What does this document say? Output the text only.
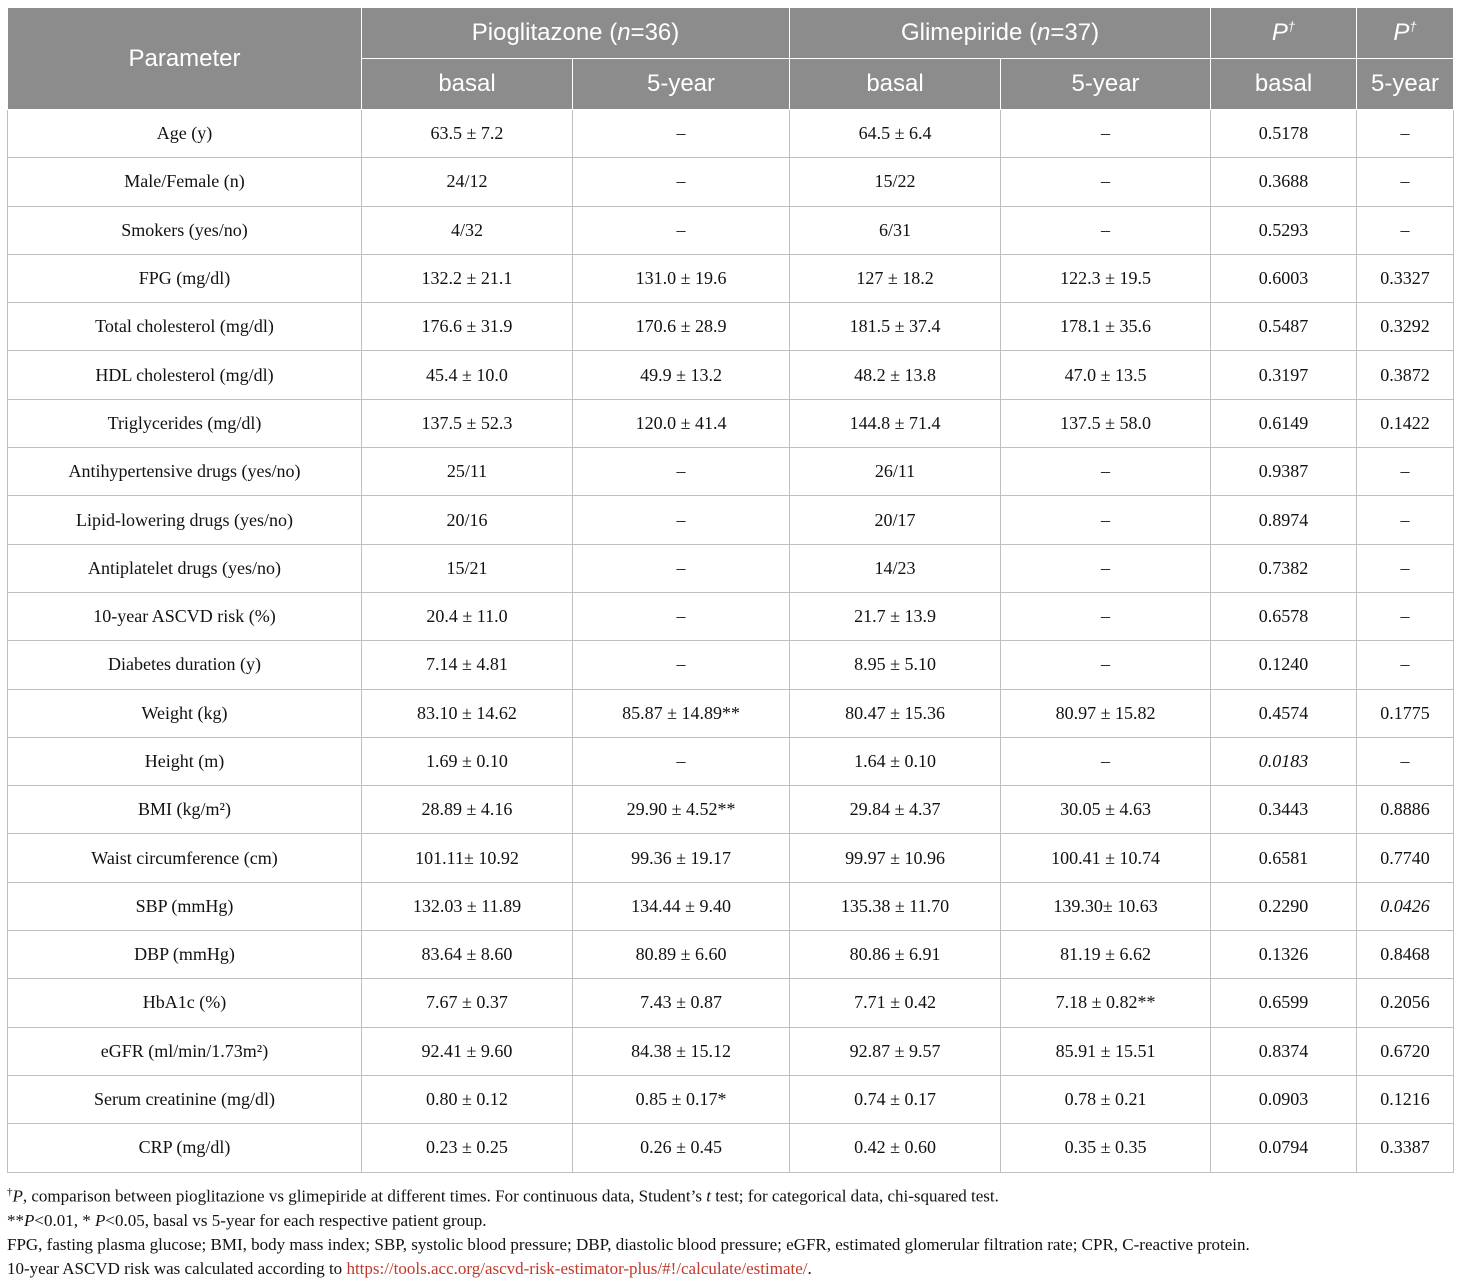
Parameter	Pioglitazone (n=36)		Glimepiride (n=37)		P†	P†
	basal	5-year	basal	5-year	basal	5-year
Age (y)	63.5 ± 7.2	–	64.5 ± 6.4	–	0.5178	–
Male/Female (n)	24/12	–	15/22	–	0.3688	–
Smokers (yes/no)	4/32	–	6/31	–	0.5293	–
FPG (mg/dl)	132.2 ± 21.1	131.0 ± 19.6	127 ± 18.2	122.3 ± 19.5	0.6003	0.3327
Total cholesterol (mg/dl)	176.6 ± 31.9	170.6 ± 28.9	181.5 ± 37.4	178.1 ± 35.6	0.5487	0.3292
HDL cholesterol (mg/dl)	45.4 ± 10.0	49.9 ± 13.2	48.2 ± 13.8	47.0 ± 13.5	0.3197	0.3872
Triglycerides (mg/dl)	137.5 ± 52.3	120.0 ± 41.4	144.8 ± 71.4	137.5 ± 58.0	0.6149	0.1422
Antihypertensive drugs (yes/no)	25/11	–	26/11	–	0.9387	–
Lipid-lowering drugs (yes/no)	20/16	–	20/17	–	0.8974	–
Antiplatelet drugs (yes/no)	15/21	–	14/23	–	0.7382	–
10-year ASCVD risk (%)	20.4 ± 11.0	–	21.7 ± 13.9	–	0.6578	–
Diabetes duration (y)	7.14 ± 4.81	–	8.95 ± 5.10	–	0.1240	–
Weight (kg)	83.10 ± 14.62	85.87 ± 14.89**	80.47 ± 15.36	80.97 ± 15.82	0.4574	0.1775
Height (m)	1.69 ± 0.10	–	1.64 ± 0.10	–	0.0183	–
BMI (kg/m²)	28.89 ± 4.16	29.90 ± 4.52**	29.84 ± 4.37	30.05 ± 4.63	0.3443	0.8886
Waist circumference (cm)	101.11± 10.92	99.36 ± 19.17	99.97 ± 10.96	100.41 ± 10.74	0.6581	0.7740
SBP (mmHg)	132.03 ± 11.89	134.44 ± 9.40	135.38 ± 11.70	139.30± 10.63	0.2290	0.0426
DBP (mmHg)	83.64 ± 8.60	80.89 ± 6.60	80.86 ± 6.91	81.19 ± 6.62	0.1326	0.8468
HbA1c (%)	7.67 ± 0.37	7.43 ± 0.87	7.71 ± 0.42	7.18 ± 0.82**	0.6599	0.2056
eGFR (ml/min/1.73m²)	92.41 ± 9.60	84.38 ± 15.12	92.87 ± 9.57	85.91 ± 15.51	0.8374	0.6720
Serum creatinine (mg/dl)	0.80 ± 0.12	0.85 ± 0.17*	0.74 ± 0.17	0.78 ± 0.21	0.0903	0.1216
CRP (mg/dl)	0.23 ± 0.25	0.26 ± 0.45	0.42 ± 0.60	0.35 ± 0.35	0.0794	0.3387

†P, comparison between pioglitazione vs glimepiride at different times. For continuous data, Student’s t test; for categorical data, chi-squared test.

**P<0.01, * P<0.05, basal vs 5-year for each respective patient group.

FPG, fasting plasma glucose; BMI, body mass index; SBP, systolic blood pressure; DBP, diastolic blood pressure; eGFR, estimated glomerular filtration rate; CPR, C-reactive protein.

10-year ASCVD risk was calculated according to https://tools.acc.org/ascvd-risk-estimator-plus/#!/calculate/estimate/.
